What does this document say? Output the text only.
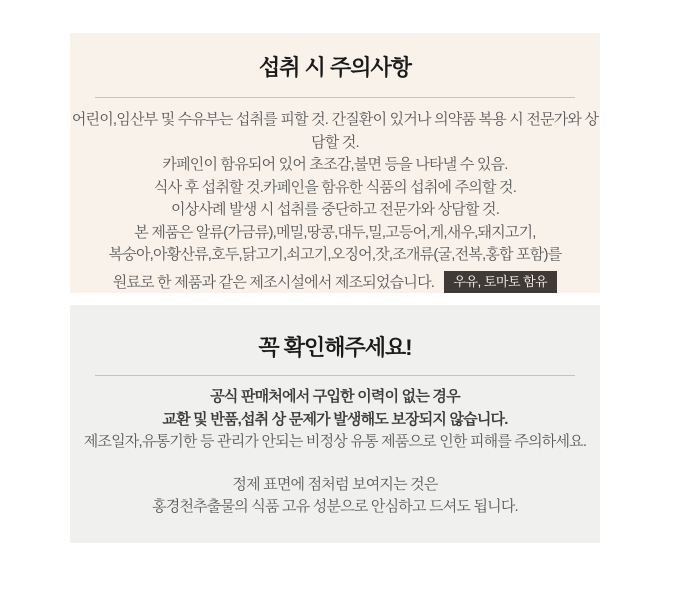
섭취 시 주의사항

어린이,임산부 및 수유부는 섭취를 피할 것. 간질환이 있거나 의약품 복용 시 전문가와 상담할 것.

카페인이 함유되어 있어 초조감,불면 등을 나타낼 수 있음.

식사 후 섭취할 것.카페인을 함유한 식품의 섭취에 주의할 것.

이상사례 발생 시 섭취를 중단하고 전문가와 상담할 것.

본 제품은 알류(가금류),메밀,땅콩,대두,밀,고등어,게,새우,돼지고기,

복숭아,아황산류,호두,닭고기,쇠고기,오징어,잣,조개류(굴,전복,홍합 포함)를

원료로 한 제품과 같은 제조시설에서 제조되었습니다. 우유, 토마토 함유

꼭 확인해주세요!

공식 판매처에서 구입한 이력이 없는 경우

교환 및 반품,섭취 상 문제가 발생해도 보장되지 않습니다.

제조일자,유통기한 등 관리가 안되는 비정상 유통 제품으로 인한 피해를 주의하세요.

정제 표면에 점처럼 보여지는 것은

홍경천추출물의 식품 고유 성분으로 안심하고 드셔도 됩니다.
